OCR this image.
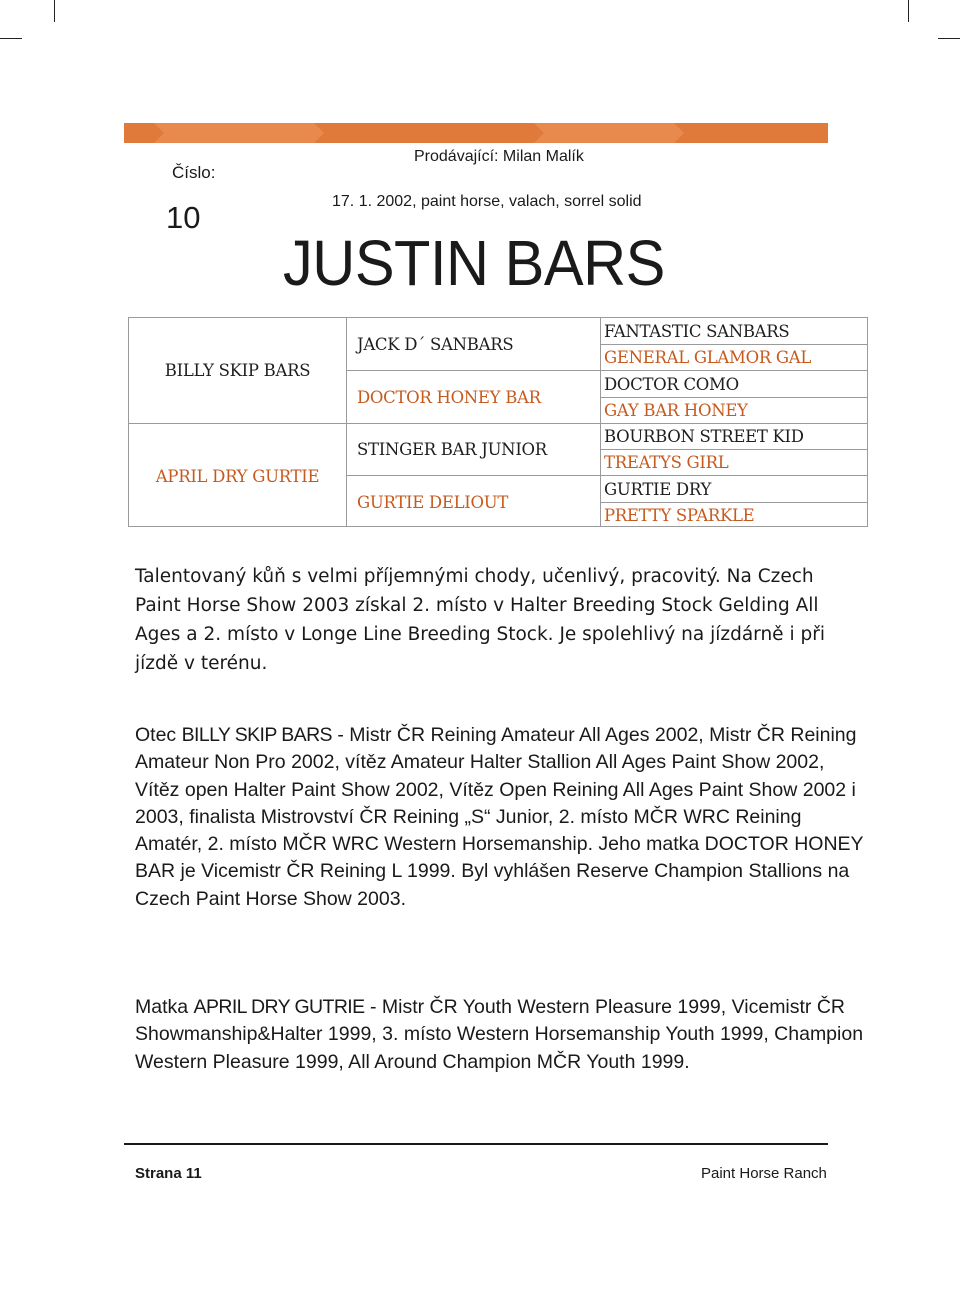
Číslo:
10
Prodávající: Milan Malík
17. 1. 2002, paint horse, valach, sorrel solid
JUSTIN BARS
BILLY SKIP BARS
APRIL DRY GURTIE
JACK D´ SANBARS
DOCTOR HONEY BAR
STINGER BAR JUNIOR
GURTIE DELIOUT
FANTASTIC SANBARS
GENERAL GLAMOR GAL
DOCTOR COMO
GAY BAR HONEY
BOURBON STREET KID
TREATYS GIRL
GURTIE DRY
PRETTY SPARKLE
Talentovaný kůň s velmi příjemnými chody, učenlivý, pracovitý. Na Czech Paint Horse Show 2003 získal 2. místo v Halter Breeding Stock Gelding All Ages a 2. místo v Longe Line Breeding Stock. Je spolehlivý na jízdárně i při jízdě v terénu.
Otec BILLY SKIP BARS - Mistr ČR Reining Amateur All Ages 2002, Mistr ČR Reining Amateur Non Pro 2002, vítěz Amateur Halter Stallion All Ages Paint Show 2002, Vítěz open Halter Paint Show 2002, Vítěz Open Reining All Ages Paint Show 2002 i 2003, finalista Mistrovství ČR Reining „S“ Junior, 2. místo MČR WRC Reining Amatér, 2. místo MČR WRC Western Horsemanship. Jeho matka DOCTOR HONEY BAR je Vicemistr ČR Reining L 1999. Byl vyhlášen Reserve Champion Stallions na Czech Paint Horse Show 2003.
Matka APRIL DRY GUTRIE - Mistr ČR Youth Western Pleasure 1999, Vicemistr ČR Showmanship&Halter 1999, 3. místo Western Horsemanship Youth 1999, Champion Western Pleasure 1999, All Around Champion MČR Youth 1999.
Strana 11	Paint Horse Ranch
